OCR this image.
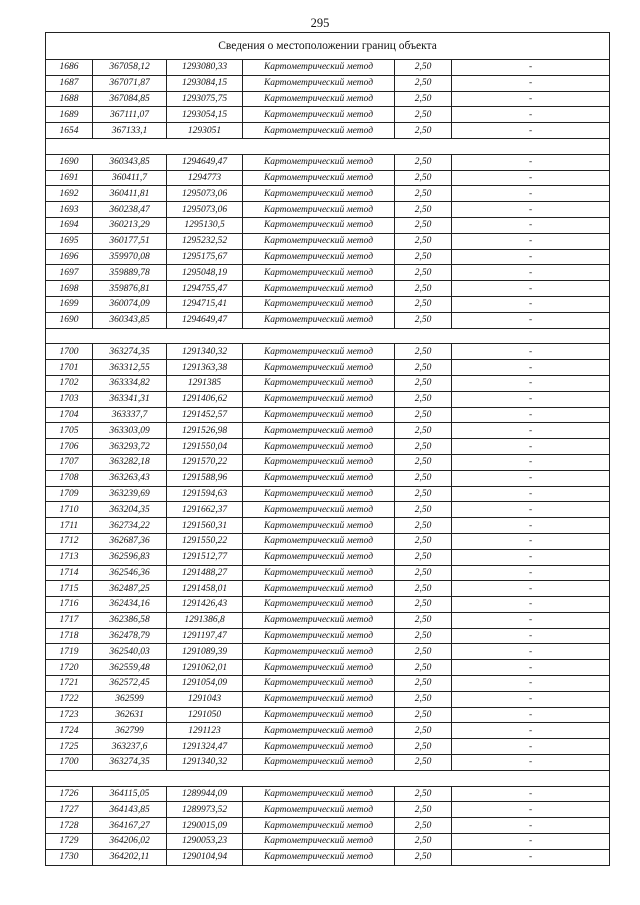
295
Сведения о местоположении границ объекта					
1686	367058,12	1293080,33	Картометрический метод	2,50	-
1687	367071,87	1293084,15	Картометрический метод	2,50	-
1688	367084,85	1293075,75	Картометрический метод	2,50	-
1689	367111,07	1293054,15	Картометрический метод	2,50	-
1654	367133,1	1293051	Картометрический метод	2,50	-

1690	360343,85	1294649,47	Картометрический метод	2,50	-
1691	360411,7	1294773	Картометрический метод	2,50	-
1692	360411,81	1295073,06	Картометрический метод	2,50	-
1693	360238,47	1295073,06	Картометрический метод	2,50	-
1694	360213,29	1295130,5	Картометрический метод	2,50	-
1695	360177,51	1295232,52	Картометрический метод	2,50	-
1696	359970,08	1295175,67	Картометрический метод	2,50	-
1697	359889,78	1295048,19	Картометрический метод	2,50	-
1698	359876,81	1294755,47	Картометрический метод	2,50	-
1699	360074,09	1294715,41	Картометрический метод	2,50	-
1690	360343,85	1294649,47	Картометрический метод	2,50	-

1700	363274,35	1291340,32	Картометрический метод	2,50	-
1701	363312,55	1291363,38	Картометрический метод	2,50	-
1702	363334,82	1291385	Картометрический метод	2,50	-
1703	363341,31	1291406,62	Картометрический метод	2,50	-
1704	363337,7	1291452,57	Картометрический метод	2,50	-
1705	363303,09	1291526,98	Картометрический метод	2,50	-
1706	363293,72	1291550,04	Картометрический метод	2,50	-
1707	363282,18	1291570,22	Картометрический метод	2,50	-
1708	363263,43	1291588,96	Картометрический метод	2,50	-
1709	363239,69	1291594,63	Картометрический метод	2,50	-
1710	363204,35	1291662,37	Картометрический метод	2,50	-
1711	362734,22	1291560,31	Картометрический метод	2,50	-
1712	362687,36	1291550,22	Картометрический метод	2,50	-
1713	362596,83	1291512,77	Картометрический метод	2,50	-
1714	362546,36	1291488,27	Картометрический метод	2,50	-
1715	362487,25	1291458,01	Картометрический метод	2,50	-
1716	362434,16	1291426,43	Картометрический метод	2,50	-
1717	362386,58	1291386,8	Картометрический метод	2,50	-
1718	362478,79	1291197,47	Картометрический метод	2,50	-
1719	362540,03	1291089,39	Картометрический метод	2,50	-
1720	362559,48	1291062,01	Картометрический метод	2,50	-
1721	362572,45	1291054,09	Картометрический метод	2,50	-
1722	362599	1291043	Картометрический метод	2,50	-
1723	362631	1291050	Картометрический метод	2,50	-
1724	362799	1291123	Картометрический метод	2,50	-
1725	363237,6	1291324,47	Картометрический метод	2,50	-
1700	363274,35	1291340,32	Картометрический метод	2,50	-

1726	364115,05	1289944,09	Картометрический метод	2,50	-
1727	364143,85	1289973,52	Картометрический метод	2,50	-
1728	364167,27	1290015,09	Картометрический метод	2,50	-
1729	364206,02	1290053,23	Картометрический метод	2,50	-
1730	364202,11	1290104,94	Картометрический метод	2,50	-
